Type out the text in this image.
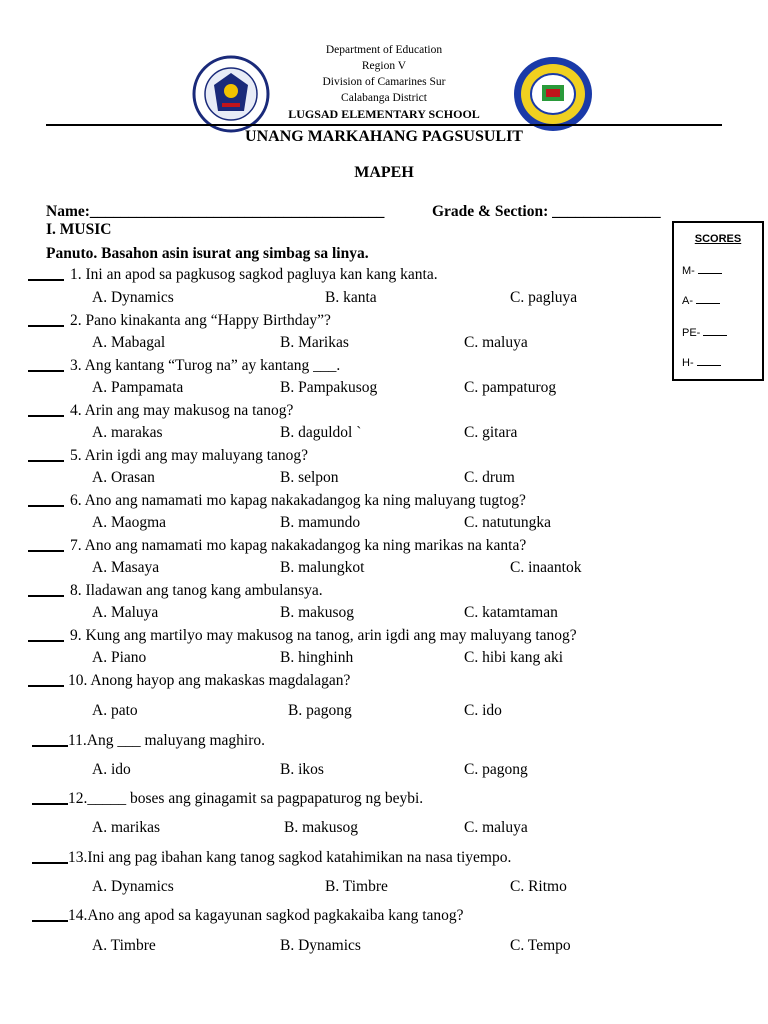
Department of Education
Region V
Division of Camarines Sur
Calabanga District
LUGSAD ELEMENTARY SCHOOL
UNANG MARKAHANG PAGSUSULIT
MAPEH
Name:______________________________________	Grade & Section: ______________
I. MUSIC
Panuto. Basahon asin isurat ang simbag sa linya.
SCORES
M-
A-
PE-
H-
1. Ini an apod sa pagkusog sagkod pagluya kan kang kanta.
A. Dynamics	B. kanta	C. pagluya
2. Pano kinakanta ang “Happy Birthday”?
A. Mabagal	B. Marikas	C. maluya
3. Ang kantang “Turog na” ay kantang ___.
A. Pampamata	B. Pampakusog	C. pampaturog
4. Arin ang may makusog na tanog?
A. marakas	B. daguldol `	C. gitara
5. Arin igdi ang may maluyang tanog?
A. Orasan	B. selpon	C. drum
6. Ano ang namamati mo kapag nakakadangog ka ning maluyang tugtog?
A. Maogma	B. mamundo	C. natutungka
7. Ano ang namamati mo kapag nakakadangog ka ning marikas na kanta?
A. Masaya	B. malungkot	C. inaantok
8. Iladawan ang tanog kang ambulansya.
A. Maluya	B. makusog	C. katamtaman
9. Kung ang martilyo may makusog na tanog, arin igdi ang may maluyang tanog?
A. Piano	B. hinghinh	C. hibi kang aki
10. Anong hayop ang makaskas magdalagan?
A. pato	B. pagong	C. ido
11.Ang ___ maluyang maghiro.
A. ido	B. ikos	C. pagong
12._____ boses ang ginagamit sa pagpapaturog ng beybi.
A. marikas	B. makusog	C. maluya
13.Ini ang pag ibahan kang tanog sagkod katahimikan na nasa tiyempo.
A. Dynamics	B. Timbre	C. Ritmo
14.Ano ang apod sa kagayunan sagkod pagkakaiba kang tanog?
A. Timbre	B. Dynamics	C. Tempo
